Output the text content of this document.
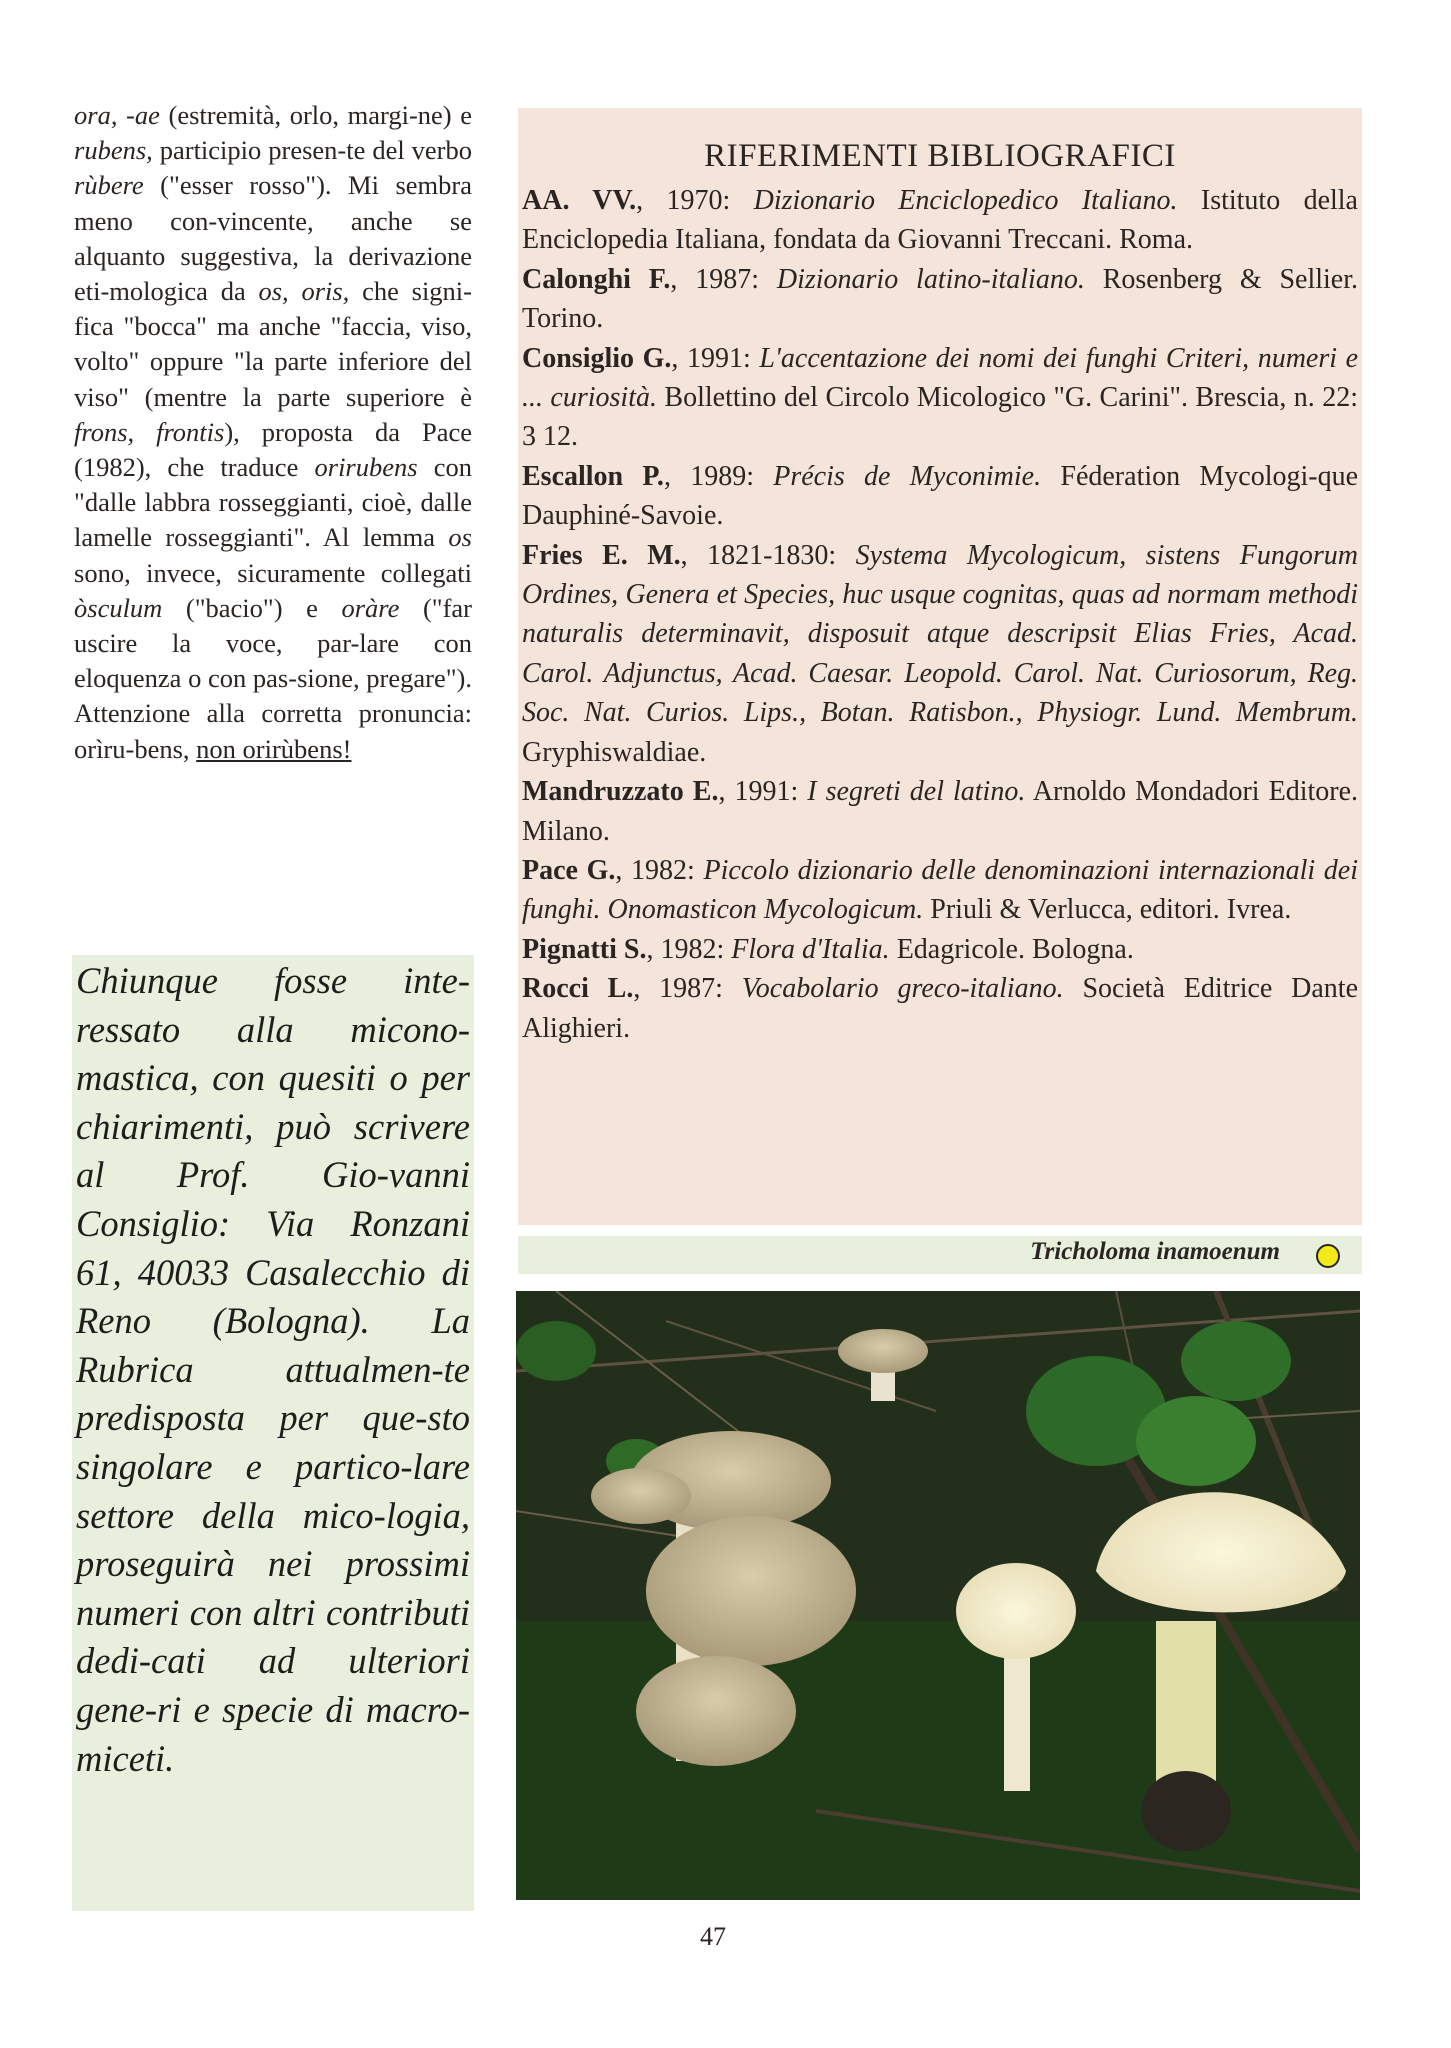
ora, -ae (estremità, orlo, margi-ne) e rubens, participio presen-te del verbo rùbere ("esser rosso"). Mi sembra meno con-vincente, anche se alquanto suggestiva, la derivazione eti-mologica da os, oris, che signi-fica "bocca" ma anche "faccia, viso, volto" oppure "la parte inferiore del viso" (mentre la parte superiore è frons, frontis), proposta da Pace (1982), che traduce orirubens con "dalle labbra rosseggianti, cioè, dalle lamelle rosseggianti". Al lemma os sono, invece, sicuramente collegati òsculum ("bacio") e oràre ("far uscire la voce, par-lare con eloquenza o con pas-sione, pregare"). Attenzione alla corretta pronuncia: orìru-bens, non orirùbens!

Chiunque fosse inte-ressato alla micono-mastica, con quesiti o per chiarimenti, può scrivere al Prof. Gio-vanni Consiglio: Via Ronzani 61, 40033 Casalecchio di Reno (Bologna). La Rubrica attualmen-te predisposta per que-sto singolare e partico-lare settore della mico-logia, proseguirà nei prossimi numeri con altri contributi dedi-cati ad ulteriori gene-ri e specie di macro-miceti.

RIFERIMENTI BIBLIOGRAFICI

AA. VV., 1970: Dizionario Enciclopedico Italiano. Istituto della Enciclopedia Italiana, fondata da Giovanni Treccani. Roma.

Calonghi F., 1987: Dizionario latino-italiano. Rosenberg & Sellier. Torino.

Consiglio G., 1991: L'accentazione dei nomi dei funghi Criteri, numeri e ... curiosità. Bollettino del Circolo Micologico "G. Carini". Brescia, n. 22: 3 12.

Escallon P., 1989: Précis de Myconimie. Féderation Mycologi-que Dauphiné-Savoie.

Fries E. M., 1821-1830: Systema Mycologicum, sistens Fungorum Ordines, Genera et Species, huc usque cognitas, quas ad normam methodi naturalis determinavit, disposuit atque descripsit Elias Fries, Acad. Carol. Adjunctus, Acad. Caesar. Leopold. Carol. Nat. Curiosorum, Reg. Soc. Nat. Curios. Lips., Botan. Ratisbon., Physiogr. Lund. Membrum. Gryphiswaldiae.

Mandruzzato E., 1991: I segreti del latino. Arnoldo Mondadori Editore. Milano.

Pace G., 1982: Piccolo dizionario delle denominazioni internazionali dei funghi. Onomasticon Mycologicum. Priuli & Verlucca, editori. Ivrea.

Pignatti S., 1982: Flora d'Italia. Edagricole. Bologna.

Rocci L., 1987: Vocabolario greco-italiano. Società Editrice Dante Alighieri.

Tricholoma inamoenum
47
